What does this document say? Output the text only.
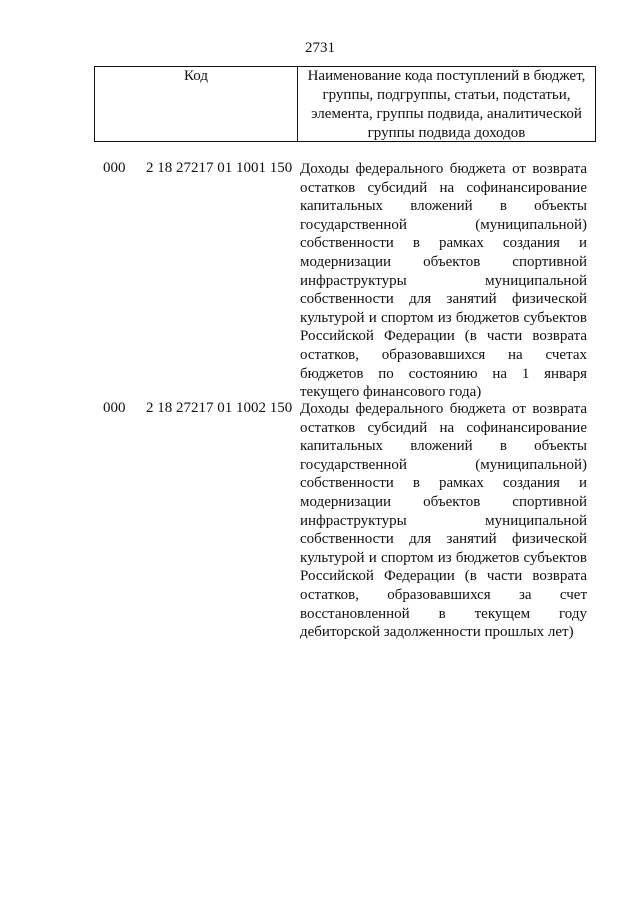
2731
Код	Наименование кода поступлений в бюджет,
группы, подгруппы, статьи, подстатьи,
элемента, группы подвида, аналитической
группы подвида доходов
000 2 18 27217 01 1001 150 Доходы федерального бюджета от возврата
остатков субсидий на софинансирование
капитальных вложений в объекты
государственной (муниципальной)
собственности в рамках создания и
модернизации объектов спортивной
инфраструктуры муниципальной
собственности для занятий физической
культурой и спортом из бюджетов субъектов
Российской Федерации (в части возврата
остатков, образовавшихся на счетах
бюджетов по состоянию на 1 января
текущего финансового года)
000 2 18 27217 01 1002 150 Доходы федерального бюджета от возврата
остатков субсидий на софинансирование
капитальных вложений в объекты
государственной (муниципальной)
собственности в рамках создания и
модернизации объектов спортивной
инфраструктуры муниципальной
собственности для занятий физической
культурой и спортом из бюджетов субъектов
Российской Федерации (в части возврата
остатков, образовавшихся за счет
восстановленной в текущем году
дебиторской задолженности прошлых лет)
